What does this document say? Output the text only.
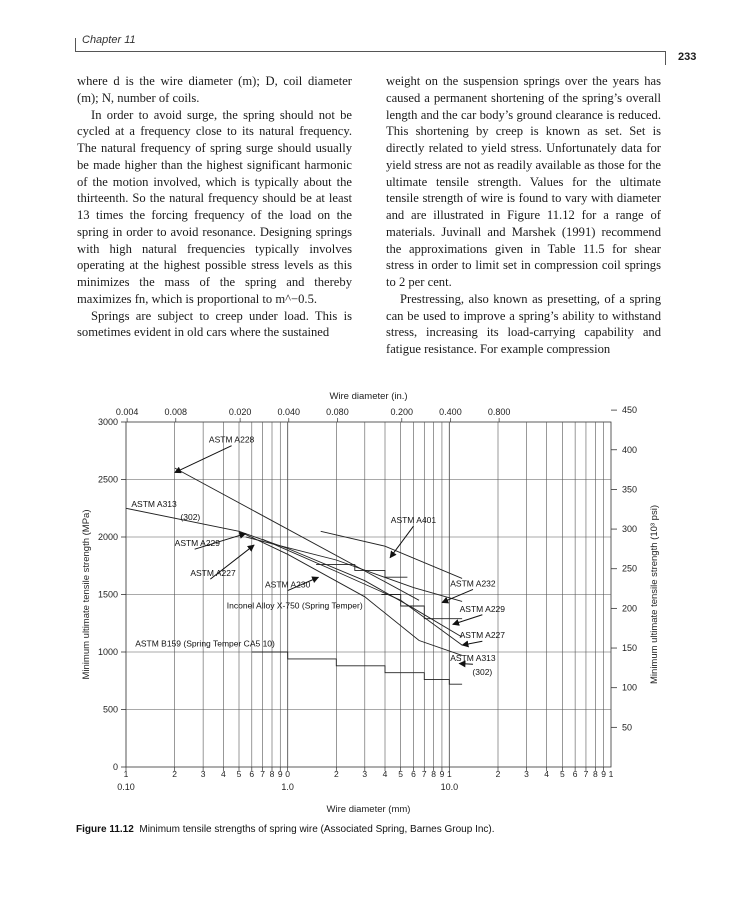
Chapter 11
233

where d is the wire diameter (m); D, coil diameter (m); N, number of coils.

In order to avoid surge, the spring should not be cycled at a frequency close to its natural frequency. The natural frequency of spring surge should usually be made higher than the highest significant harmonic of the motion involved, which is typically about the thirteenth. So the natural frequency should be at least 13 times the forcing frequency of the load on the spring in order to avoid resonance. Designing springs with high natural frequencies typically involves operating at the highest possible stress levels as this minimizes the mass of the spring and thereby maximizes fn, which is proportional to m^−0.5.

Springs are subject to creep under load. This is sometimes evident in old cars where the sustained

weight on the suspension springs over the years has caused a permanent shortening of the spring’s overall length and the car body’s ground clearance is reduced. This shortening by creep is known as set. Set is directly related to yield stress. Unfortunately data for yield stress are not as readily available as those for the ultimate tensile strength. Values for the ultimate tensile strength of wire is found to vary with diameter and are illustrated in Figure 11.12 for a range of materials. Juvinall and Marshek (1991) recommend the approximations given in Table 11.5 for shear stress in order to limit set in compression coil springs to 2 per cent.

Prestressing, also known as presetting, of a spring can be used to improve a spring’s ability to withstand stress, increasing its load-carrying capability and fatigue resistance. For example compression

0
500
1000
1500
2000
2500
3000
50
100
150
200
250
300
350
400
450
1	2	3 4 5 6 7 8 9 0	2	3 4 5 6 7 8 9 1	2	3 4 5 6 7 8 9 1
0.10	1.0	10.0
0.004	0.008	0.020	0.040	0.080	0.200	0.400	0.800
Wire diameter (in.)
Wire diameter (mm)
Minimum ultimate tensile strength (MPa)	Minimum ultimate tensile strength (10³ psi)
ASTM A228
ASTM A313
(302)
ASTM A229
ASTM A227
ASTM A230
ASTM A401
ASTM A232
Inconel Alloy X-750 (Spring Temper)
ASTM B159 (Spring Temper CA5 10)
ASTM A229
ASTM A227
ASTM A313
(302)
Figure 11.12 Minimum tensile strengths of spring wire (Associated Spring, Barnes Group Inc).
